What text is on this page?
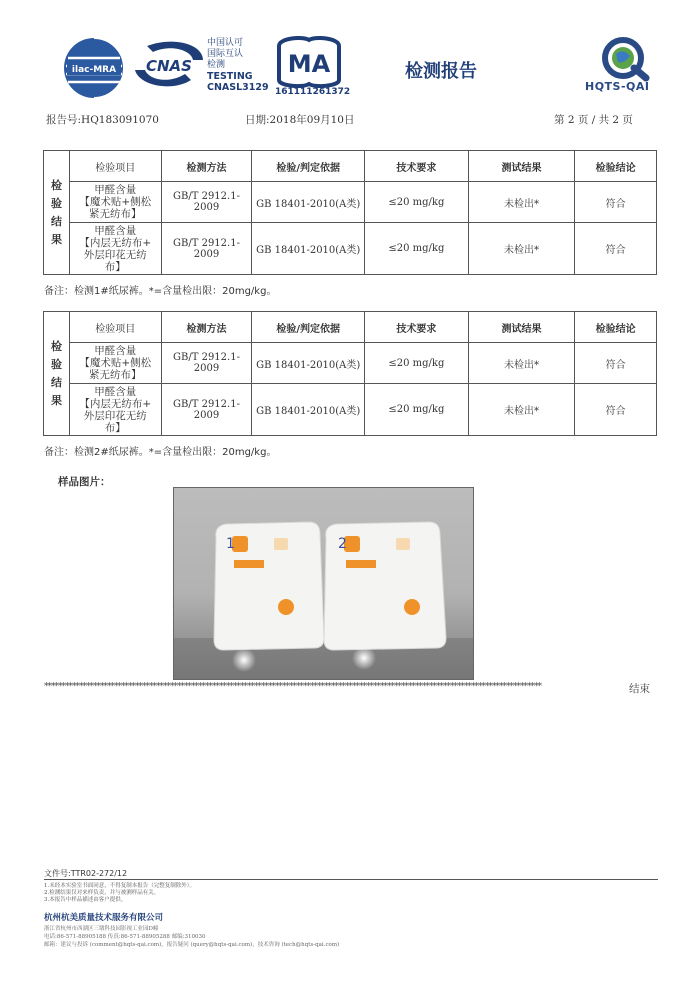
ilac-MRA CNAS
中国认可
国际互认
检测
TESTING
CNASL3129
MA
161111261372
检测报告
HQTS-QAI
报告号:HQ183091070	日期:2018年09月10日	第 2 页 / 共 2 页
检
验
结
果	检验项目	检测方法	检验/判定依据	技术要求	测试结果	检验结论
	甲醛含量
【魔术贴+侧松
紧无纺布】	GB/T 2912.1-2009	GB 18401-2010(A类)	≤20 mg/kg	未检出*	符合
	甲醛含量
【内层无纺布+
外层印花无纺
布】	GB/T 2912.1-2009	GB 18401-2010(A类)	≤20 mg/kg	未检出*	符合
备注：检测1#纸尿裤。*=含量检出限：20mg/kg。
检
验
结
果	检验项目	检测方法	检验/判定依据	技术要求	测试结果	检验结论
	甲醛含量
【魔术贴+侧松
紧无纺布】	GB/T 2912.1-2009	GB 18401-2010(A类)	≤20 mg/kg	未检出*	符合
	甲醛含量
【内层无纺布+
外层印花无纺
布】	GB/T 2912.1-2009	GB 18401-2010(A类)	≤20 mg/kg	未检出*	符合
备注：检测2#纸尿裤。*=含量检出限：20mg/kg。
样品图片：
1	2
**********************************************************************************************************************************************	结束
文件号:TTR02-272/12
1.未经本实验室书面同意，不得复制本报告（完整复制除外）。
2.检测结果仅对来样负责，并与被测样品有关。
3.本报告中样品描述由客户提供。
杭州杭美质量技术服务有限公司
浙江省杭州市西湖区三墩科技园影视工业园D幢
电话:86-571-88905188 传真:86-571-88905288 邮编:310030
邮箱：建议与投诉 (comment@hqts-qai.com)，报告疑问 (query@hqts-qai.com)，技术咨询 (tech@hqts-qai.com)
